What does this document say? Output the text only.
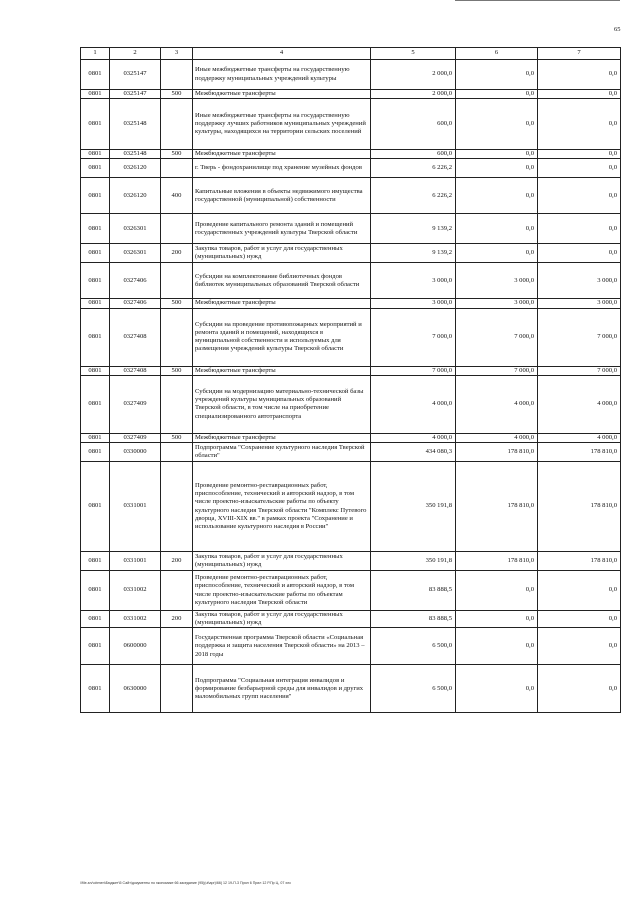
65
1	2	3	4	5	6	7
0801	0325147		Иные межбюджетные трансферты на государственную поддержку муниципальных учреждений культуры	2 000,0	0,0	0,0
0801	0325147	500	Межбюджетные трансферты	2 000,0	0,0	0,0
0801	0325148		Иные межбюджетные трансферты на государственную поддержку лучших работников муниципальных учреждений культуры, находящихся на территории сельских поселений	600,0	0,0	0,0
0801	0325148	500	Межбюджетные трансферты	600,0	0,0	0,0
0801	0326120		г. Тверь - фондохранилище под хранение музейных фондов	6 226,2	0,0	0,0
0801	0326120	400	Капитальные вложения в объекты недвижимого имущества государственной (муниципальной) собственности	6 226,2	0,0	0,0
0801	0326301		Проведение капитального ремонта зданий и помещений государственных учреждений культуры Тверской области	9 139,2	0,0	0,0
0801	0326301	200	Закупка товаров, работ и услуг для государственных (муниципальных) нужд	9 139,2	0,0	0,0
0801	0327406		Субсидии на комплектование библиотечных фондов библиотек муниципальных образований Тверской области	3 000,0	3 000,0	3 000,0
0801	0327406	500	Межбюджетные трансферты	3 000,0	3 000,0	3 000,0
0801	0327408		Субсидии на проведение противопожарных мероприятий и ремонта зданий и помещений, находящихся в муниципальной собственности и используемых для размещения учреждений культуры Тверской области	7 000,0	7 000,0	7 000,0
0801	0327408	500	Межбюджетные трансферты	7 000,0	7 000,0	7 000,0
0801	0327409		Субсидии на модернизацию материально-технической базы учреждений культуры муниципальных образований Тверской области, в том числе на приобретение специализированного автотранспорта	4 000,0	4 000,0	4 000,0
0801	0327409	500	Межбюджетные трансферты	4 000,0	4 000,0	4 000,0
0801	0330000		Подпрограмма "Сохранение культурного наследия Тверской области"	434 080,3	178 810,0	178 810,0
0801	0331001		Проведение ремонтно-реставрационных работ, приспособление, технический и авторский надзор, в том числе проектно-изыскательские работы по объекту культурного наследия Тверской области "Комплекс Путевого дворца, XVIII-XIX вв." в рамках проекта "Сохранение и использование культурного наследия в России"	350 191,8	178 810,0	178 810,0
0801	0331001	200	Закупка товаров, работ и услуг для государственных (муниципальных) нужд	350 191,8	178 810,0	178 810,0
0801	0331002		Проведение ремонтно-реставрационных работ, приспособление, технический и авторский надзор, в том числе проектно-изыскательские работы по объектам культурного наследия Тверской области	83 888,5	0,0	0,0
0801	0331002	200	Закупка товаров, работ и услуг для государственных (муниципальных) нужд	83 888,5	0,0	0,0
0801	0600000		Государственная программа Тверской области «Социальная поддержка и защита населения Тверской области» на 2013 – 2018 годы	6 500,0	0,0	0,0
0801	0630000		Подпрограмма "Социальная интеграция инвалидов и формирование безбарьерной среды для инвалидов и других маломобильных групп населения"	6 500,0	0,0	0,0
\\file-srv\obmen\Бюджет\5 Сайт\документы по экономике 66 заседание (95)(ut\apr)\66) 12 19-П-3 Прил 6 Прил 12 Р.Пр Ц. 07 хлс
